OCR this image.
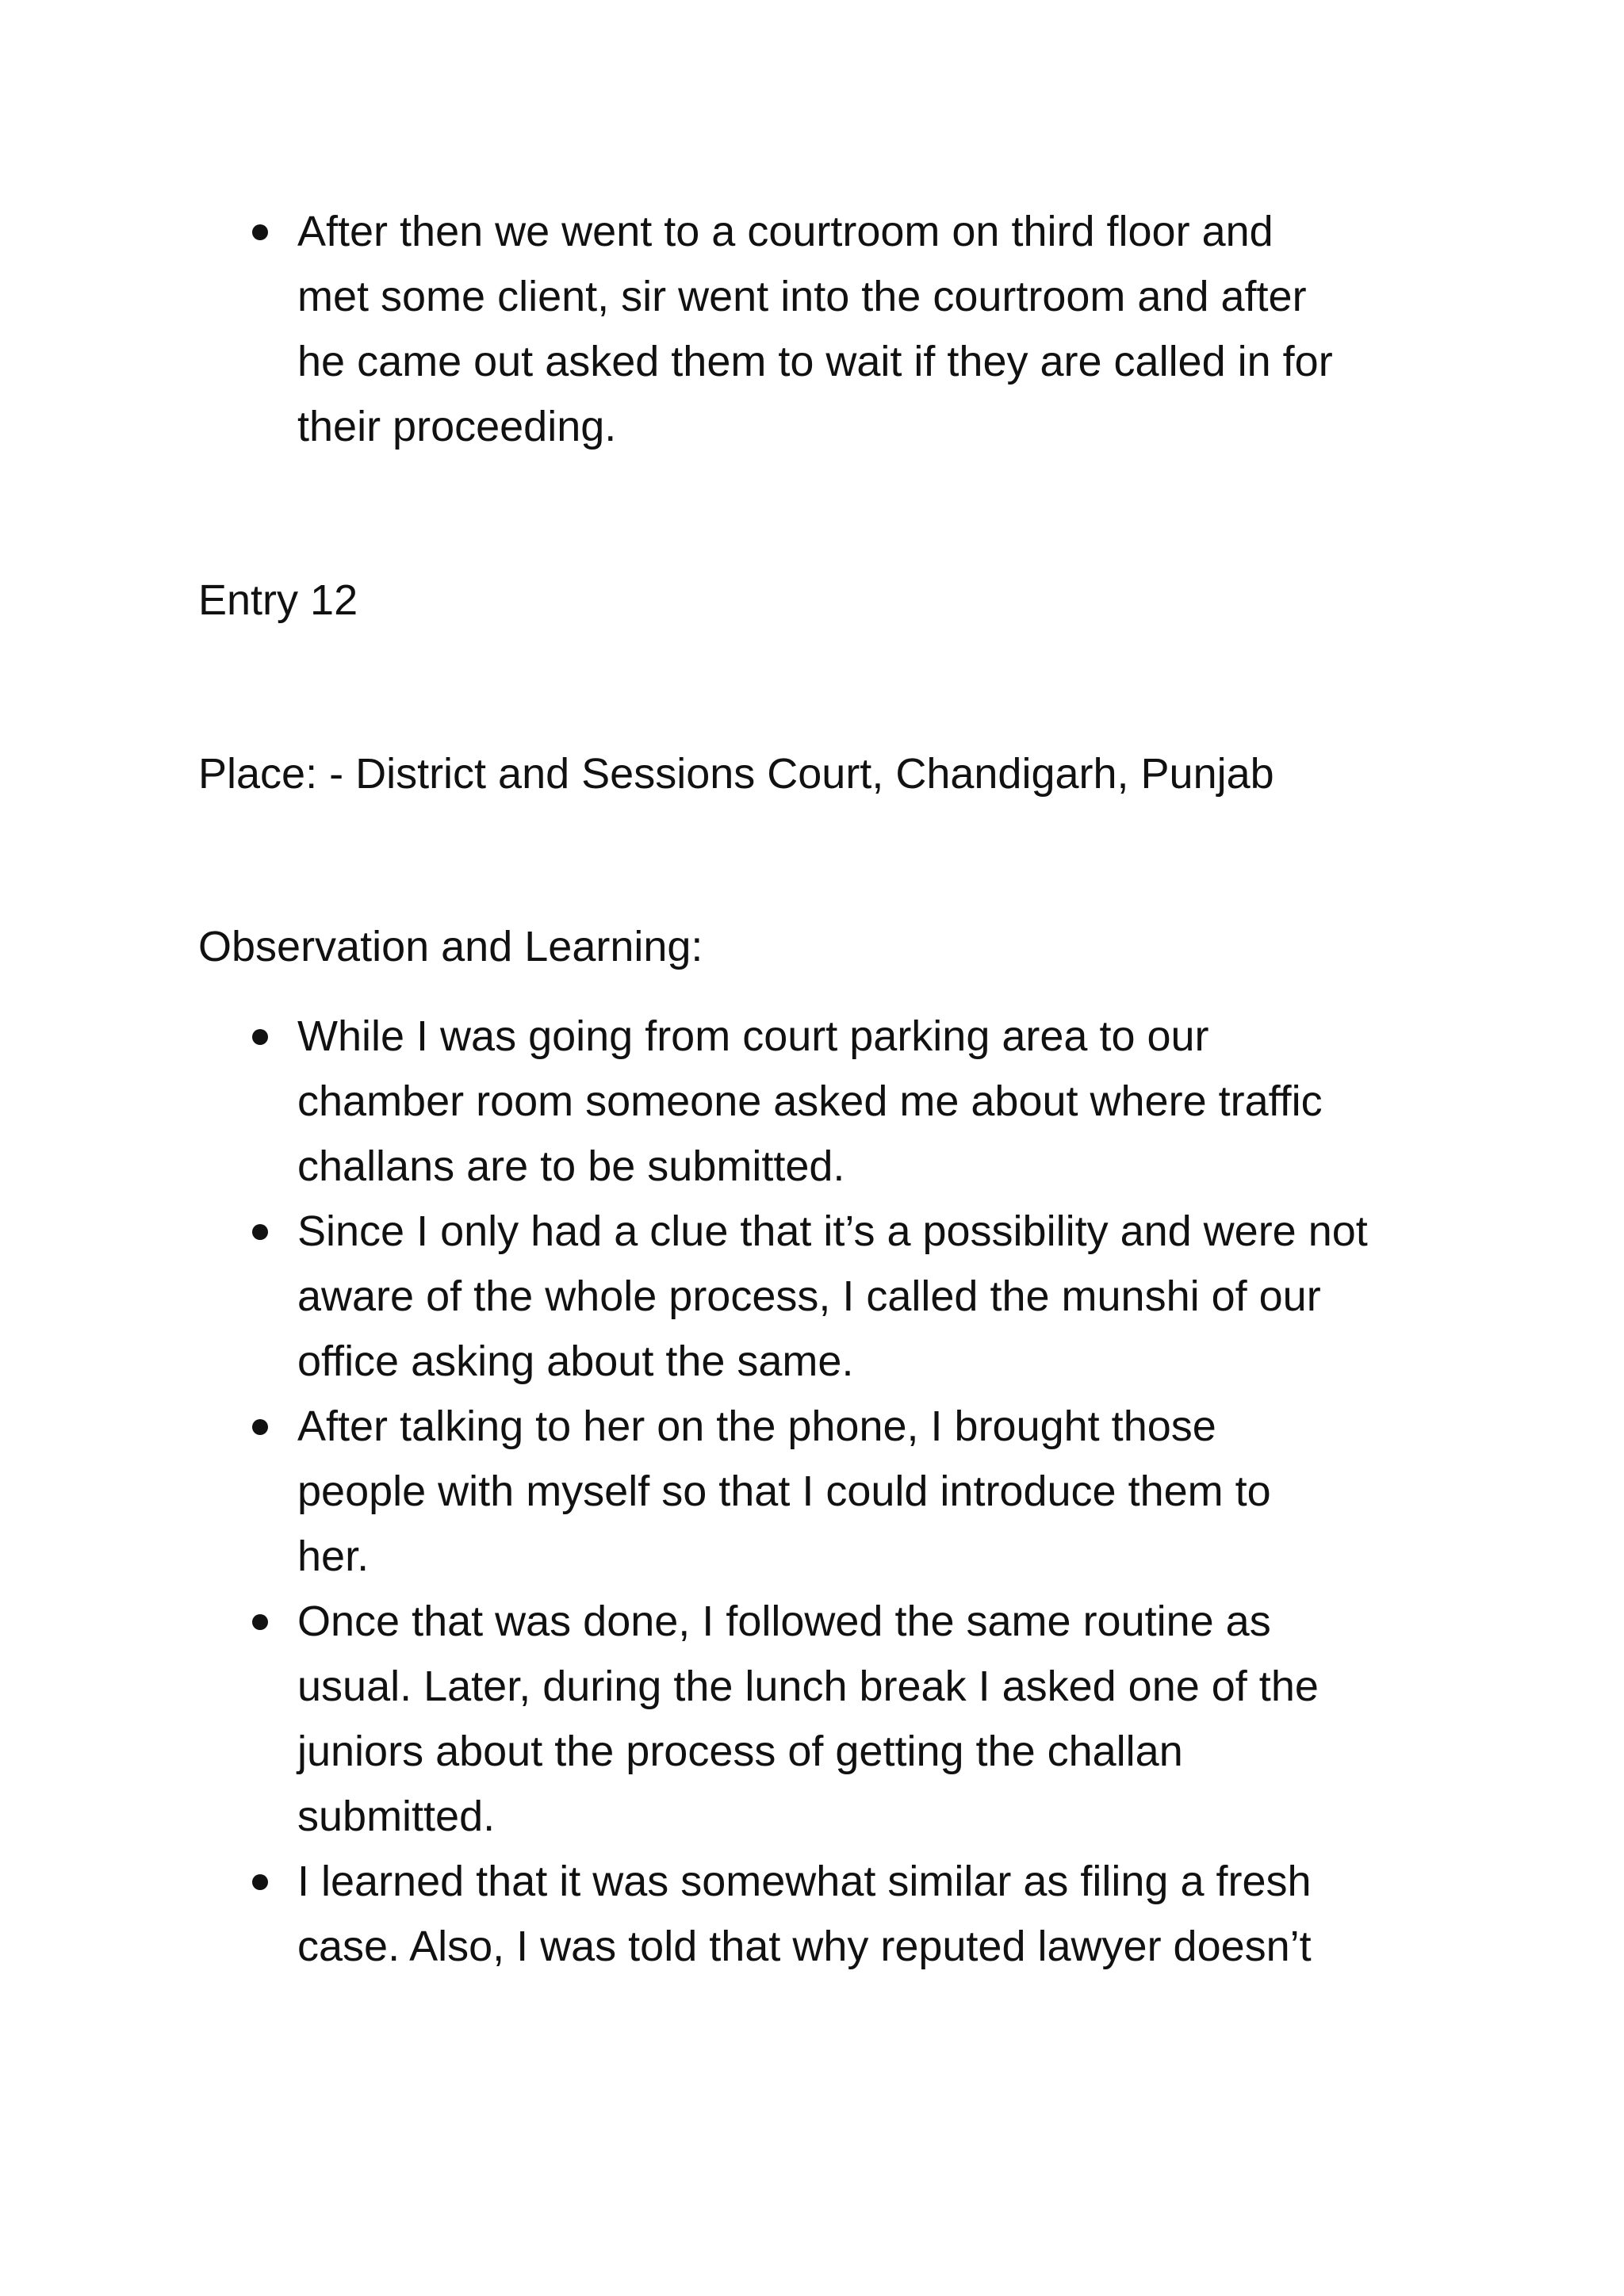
After then we went to a courtroom on third floor and
met some client, sir went into the courtroom and after
he came out asked them to wait if they are called in for
their proceeding.

Entry 12

Place: - District and Sessions Court, Chandigarh, Punjab

Observation and Learning:

While I was going from court parking area to our
chamber room someone asked me about where traffic
challans are to be submitted.
Since I only had a clue that it’s a possibility and were not
aware of the whole process, I called the munshi of our
office asking about the same.
After talking to her on the phone, I brought those
people with myself so that I could introduce them to
her.
Once that was done, I followed the same routine as
usual. Later, during the lunch break I asked one of the
juniors about the process of getting the challan
submitted.
I learned that it was somewhat similar as filing a fresh
case. Also, I was told that why reputed lawyer doesn’t
